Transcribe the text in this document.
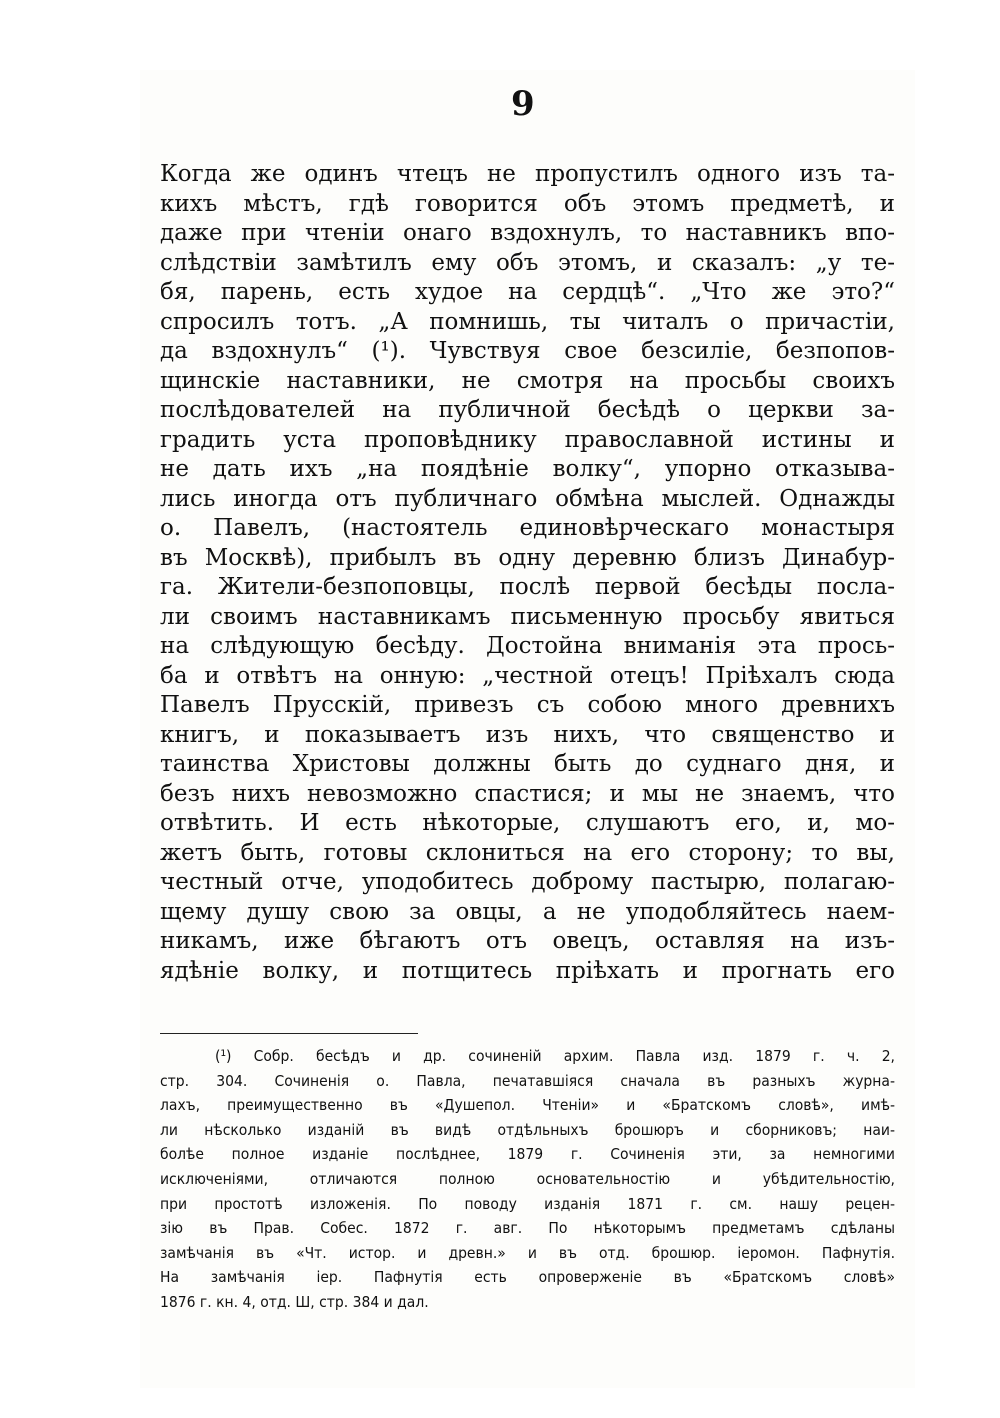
9
Когда же одинъ чтецъ не пропустилъ одного изъ та-
кихъ мѣстъ, гдѣ говорится объ этомъ предметѣ, и
даже при чтеніи онаго вздохнулъ, то наставникъ впо-
слѣдствіи замѣтилъ ему объ этомъ, и сказалъ: „у те-
бя, парень, есть худое на сердцѣ“. „Что же это?“
спросилъ тотъ. „А помнишь, ты читалъ о причастіи,
да вздохнулъ“ (¹). Чувствуя свое безсиліе, безпопов-
щинскіе наставники, не смотря на просьбы своихъ
послѣдователей на публичной бесѣдѣ о церкви за-
градить уста проповѣднику православной истины и
не дать ихъ „на поядѣніе волку“, упорно отказыва-
лись иногда отъ публичнаго обмѣна мыслей. Однажды
о. Павелъ, (настоятель единовѣрческаго монастыря
въ Москвѣ), прибылъ въ одну деревню близъ Динабур-
га. Жители-безпоповцы, послѣ первой бесѣды посла-
ли своимъ наставникамъ письменную просьбу явиться
на слѣдующую бесѣду. Достойна вниманія эта прось-
ба и отвѣтъ на онную: „честной отецъ! Пріѣхалъ сюда
Павелъ Прусскій, привезъ съ собою много древнихъ
книгъ, и показываетъ изъ нихъ, что священство и
таинства Христовы должны быть до суднаго дня, и
безъ нихъ невозможно спастися; и мы не знаемъ, что
отвѣтить. И есть нѣкоторые, слушаютъ его, и, мо-
жетъ быть, готовы склониться на его сторону; то вы,
честный отче, уподобитесь доброму пастырю, полагаю-
щему душу свою за овцы, а не уподобляйтесь наем-
никамъ, иже бѣгаютъ отъ овецъ, оставляя на изъ-
ядѣніе волку, и потщитесь пріѣхать и прогнать его
(¹) Собр. бесѣдъ и др. сочиненій архим. Павла изд. 1879 г. ч. 2,
стр. 304. Сочиненія о. Павла, печатавшіяся сначала въ разныхъ журна-
лахъ, преимущественно въ «Душепол. Чтеніи» и «Братскомъ словѣ», имѣ-
ли нѣсколько изданій въ видѣ отдѣльныхъ брошюръ и сборниковъ; наи-
болѣе полное изданіе послѣднее, 1879 г. Сочиненія эти, за немногими
исключеніями, отличаются полною основательностію и убѣдительностію,
при простотѣ изложенія. По поводу изданія 1871 г. см. нашу рецен-
зію въ Прав. Собес. 1872 г. авг. По нѣкоторымъ предметамъ сдѣланы
замѣчанія въ «Чт. истор. и древн.» и въ отд. брошюр. іеромон. Пафнутія.
На замѣчанія іер. Пафнутія есть опроверженіе въ «Братскомъ словѣ»
1876 г. кн. 4, отд. Ш, стр. 384 и дал.
